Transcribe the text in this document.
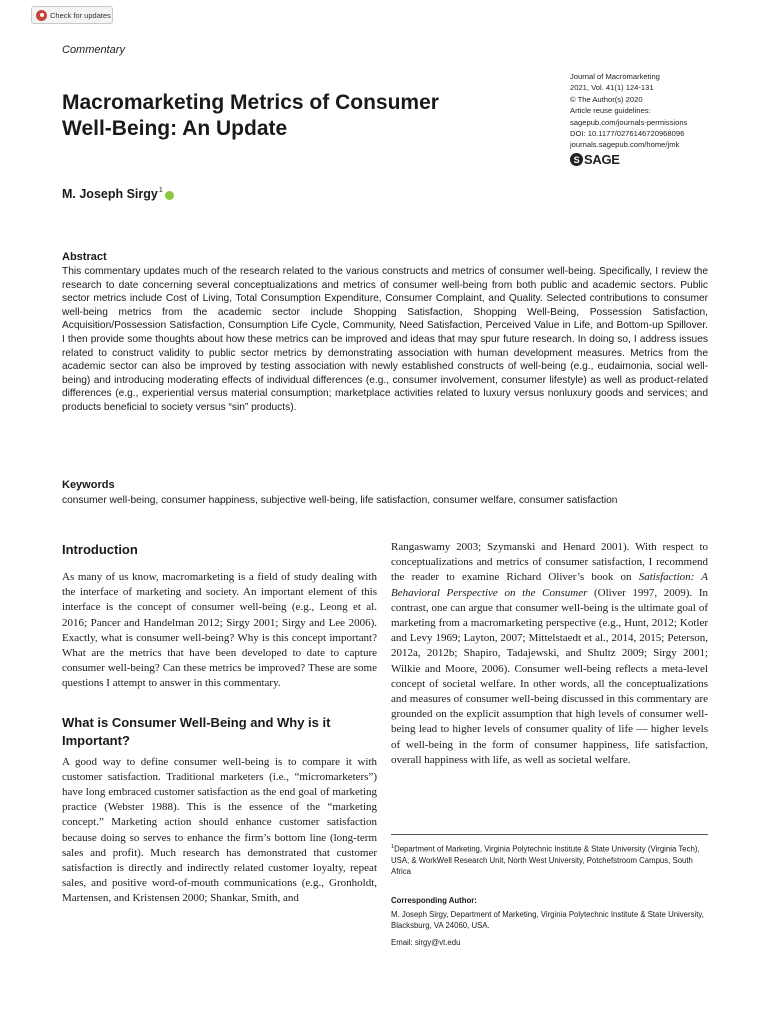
Check for updates
Commentary
Journal of Macromarketing
2021, Vol. 41(1) 124-131
© The Author(s) 2020
Article reuse guidelines:
sagepub.com/journals-permissions
DOI: 10.1177/0276146720968096
journals.sagepub.com/home/jmk
S SAGE
Macromarketing Metrics of Consumer Well-Being: An Update
M. Joseph Sirgy$^1$
Abstract

This commentary updates much of the research related to the various constructs and metrics of consumer well-being. Specifically, I review the research to date concerning several conceptualizations and metrics of consumer well-being from both public and academic sectors. Public sector metrics include Cost of Living, Total Consumption Expenditure, Consumer Complaint, and Quality. Selected contributions to consumer well-being metrics from the academic sector include Shopping Satisfaction, Shopping Well-Being, Possession Satisfaction, Acquisition/Possession Satisfaction, Consumption Life Cycle, Community, Need Satisfaction, Perceived Value in Life, and Bottom-up Spillover. I then provide some thoughts about how these metrics can be improved and ideas that may spur future research. In doing so, I address issues related to construct validity to public sector metrics by demonstrating association with human development measures. Metrics from the academic sector can also be improved by testing association with newly established constructs of well-being (e.g., eudaimonia, social well-being) and introducing moderating effects of individual differences (e.g., consumer involvement, consumer lifestyle) as well as product-related differences (e.g., experiential versus material consumption; marketplace activities related to luxury versus nonluxury goods and services; and products beneficial to society versus “sin” products).

Keywords

consumer well-being, consumer happiness, subjective well-being, life satisfaction, consumer welfare, consumer satisfaction

Introduction

As many of us know, macromarketing is a field of study dealing with the interface of marketing and society. An important element of this interface is the concept of consumer well-being (e.g., Leong et al. 2016; Pancer and Handelman 2012; Sirgy 2001; Sirgy and Lee 2006). Exactly, what is consumer well-being? Why is this concept important? What are the metrics that have been developed to date to capture consumer well-being? Can these metrics be improved? These are some questions I attempt to answer in this commentary.

What is Consumer Well-Being and Why is it Important?

A good way to define consumer well-being is to compare it with customer satisfaction. Traditional marketers (i.e., “micromarketers”) have long embraced customer satisfaction as the end goal of marketing practice (Webster 1988). This is the essence of the “marketing concept.” Marketing action should enhance customer satisfaction because doing so serves to enhance the firm’s bottom line (long-term sales and profit). Much research has demonstrated that customer satisfaction is directly and indirectly related customer loyalty, repeat sales, and positive word-of-mouth communications (e.g., Gronholdt, Martensen, and Kristensen 2000; Shankar, Smith, and

Rangaswamy 2003; Szymanski and Henard 2001). With respect to conceptualizations and metrics of consumer satisfaction, I recommend the reader to examine Richard Oliver’s book on Satisfaction: A Behavioral Perspective on the Consumer (Oliver 1997, 2009). In contrast, one can argue that consumer well-being is the ultimate goal of marketing from a macromarketing perspective (e.g., Hunt, 2012; Kotler and Levy 1969; Layton, 2007; Mittelstaedt et al., 2014, 2015; Peterson, 2012a, 2012b; Shapiro, Tadajewski, and Shultz 2009; Sirgy 2001; Wilkie and Moore, 2006). Consumer well-being reflects a meta-level concept of societal welfare. In other words, all the conceptualizations and measures of consumer well-being discussed in this commentary are grounded on the explicit assumption that high levels of consumer well-being lead to higher levels of consumer quality of life — higher levels of well-being in the form of consumer happiness, life satisfaction, overall happiness with life, as well as societal welfare.

$^1$Department of Marketing, Virginia Polytechnic Institute & State University (Virginia Tech), USA; & WorkWell Research Unit, North West University, Potchefstroom Campus, South Africa

Corresponding Author:

M. Joseph Sirgy, Department of Marketing, Virginia Polytechnic Institute & State University, Blacksburg, VA 24060, USA.

Email: sirgy@vt.edu
